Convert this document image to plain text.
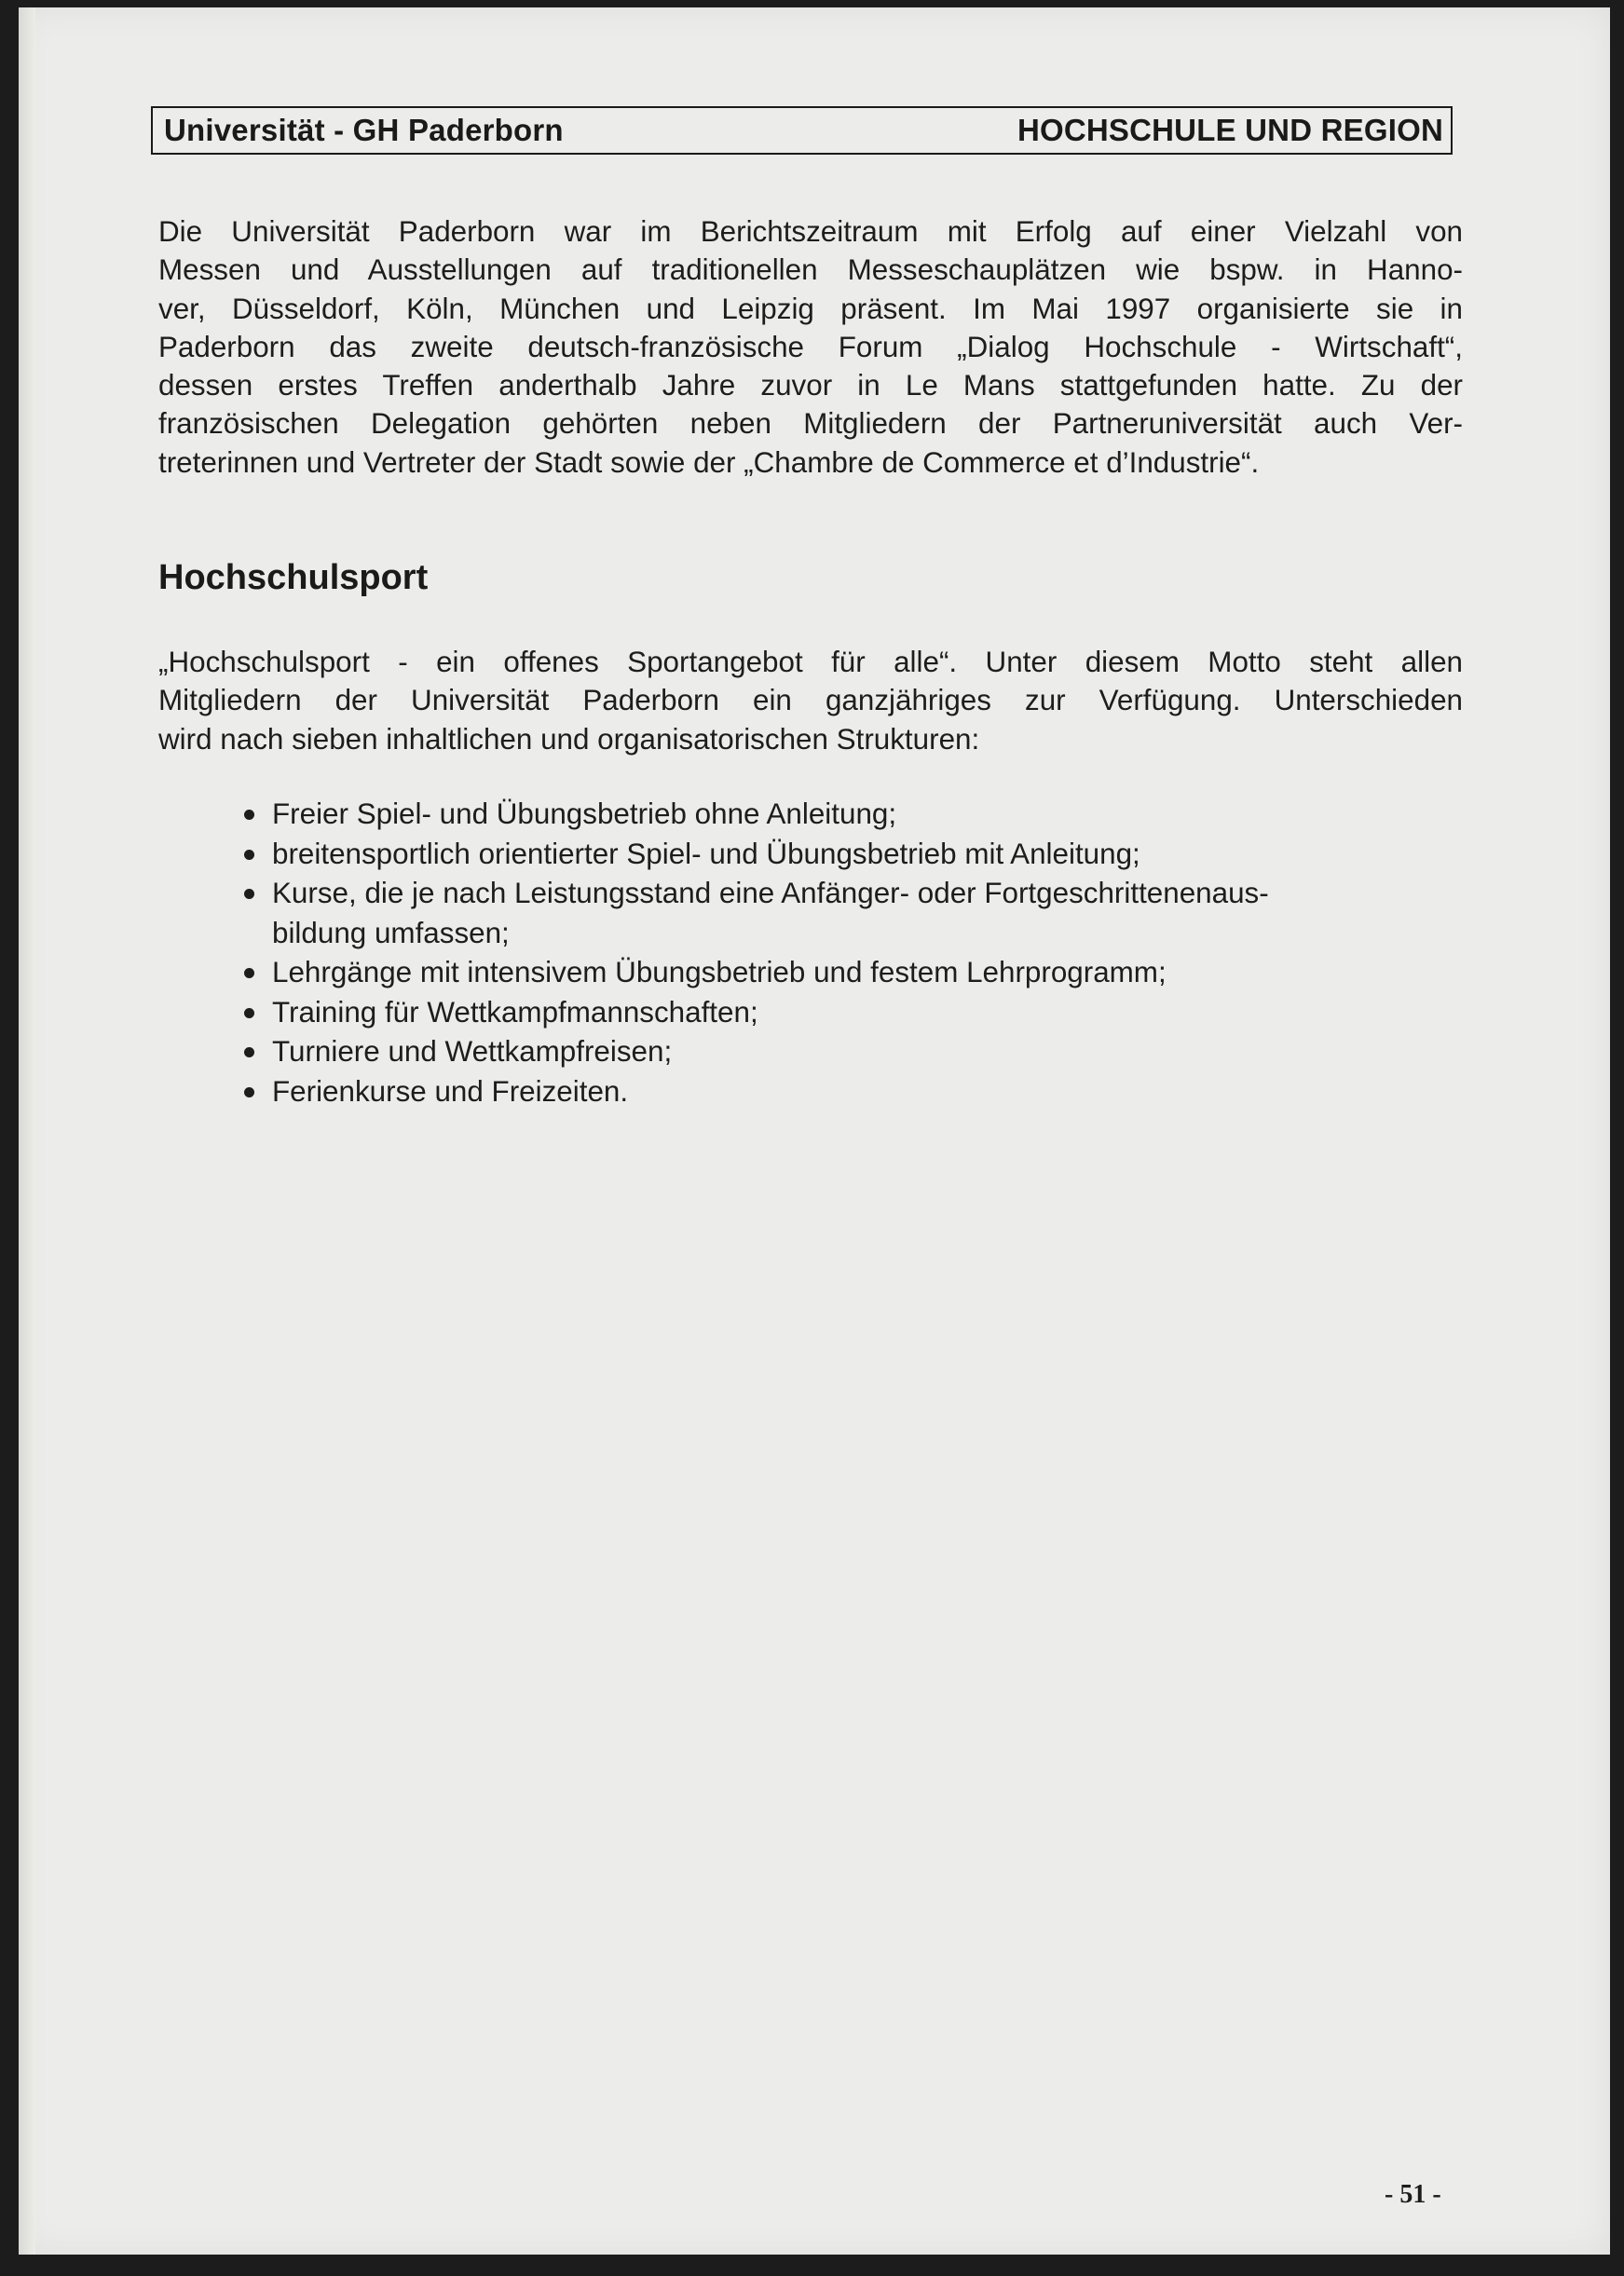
Universität - GH Paderborn	HOCHSCHULE UND REGION

Die Universität Paderborn war im Berichtszeitraum mit Erfolg auf einer Vielzahl von
Messen und Ausstellungen auf traditionellen Messeschauplätzen wie bspw. in Hanno-
ver, Düsseldorf, Köln, München und Leipzig präsent. Im Mai 1997 organisierte sie in
Paderborn das zweite deutsch-französische Forum „Dialog Hochschule - Wirtschaft“,
dessen erstes Treffen anderthalb Jahre zuvor in Le Mans stattgefunden hatte. Zu der
französischen Delegation gehörten neben Mitgliedern der Partneruniversität auch Ver-
treterinnen und Vertreter der Stadt sowie der „Chambre de Commerce et d’Industrie“.

Hochschulsport

„Hochschulsport - ein offenes Sportangebot für alle“. Unter diesem Motto steht allen
Mitgliedern der Universität Paderborn ein ganzjähriges zur Verfügung. Unterschieden
wird nach sieben inhaltlichen und organisatorischen Strukturen:

Freier Spiel- und Übungsbetrieb ohne Anleitung;
breitensportlich orientierter Spiel- und Übungsbetrieb mit Anleitung;
Kurse, die je nach Leistungsstand eine Anfänger- oder Fortgeschrittenenaus-
bildung umfassen;
Lehrgänge mit intensivem Übungsbetrieb und festem Lehrprogramm;
Training für Wettkampfmannschaften;
Turniere und Wettkampfreisen;
Ferienkurse und Freizeiten.
- 51 -
